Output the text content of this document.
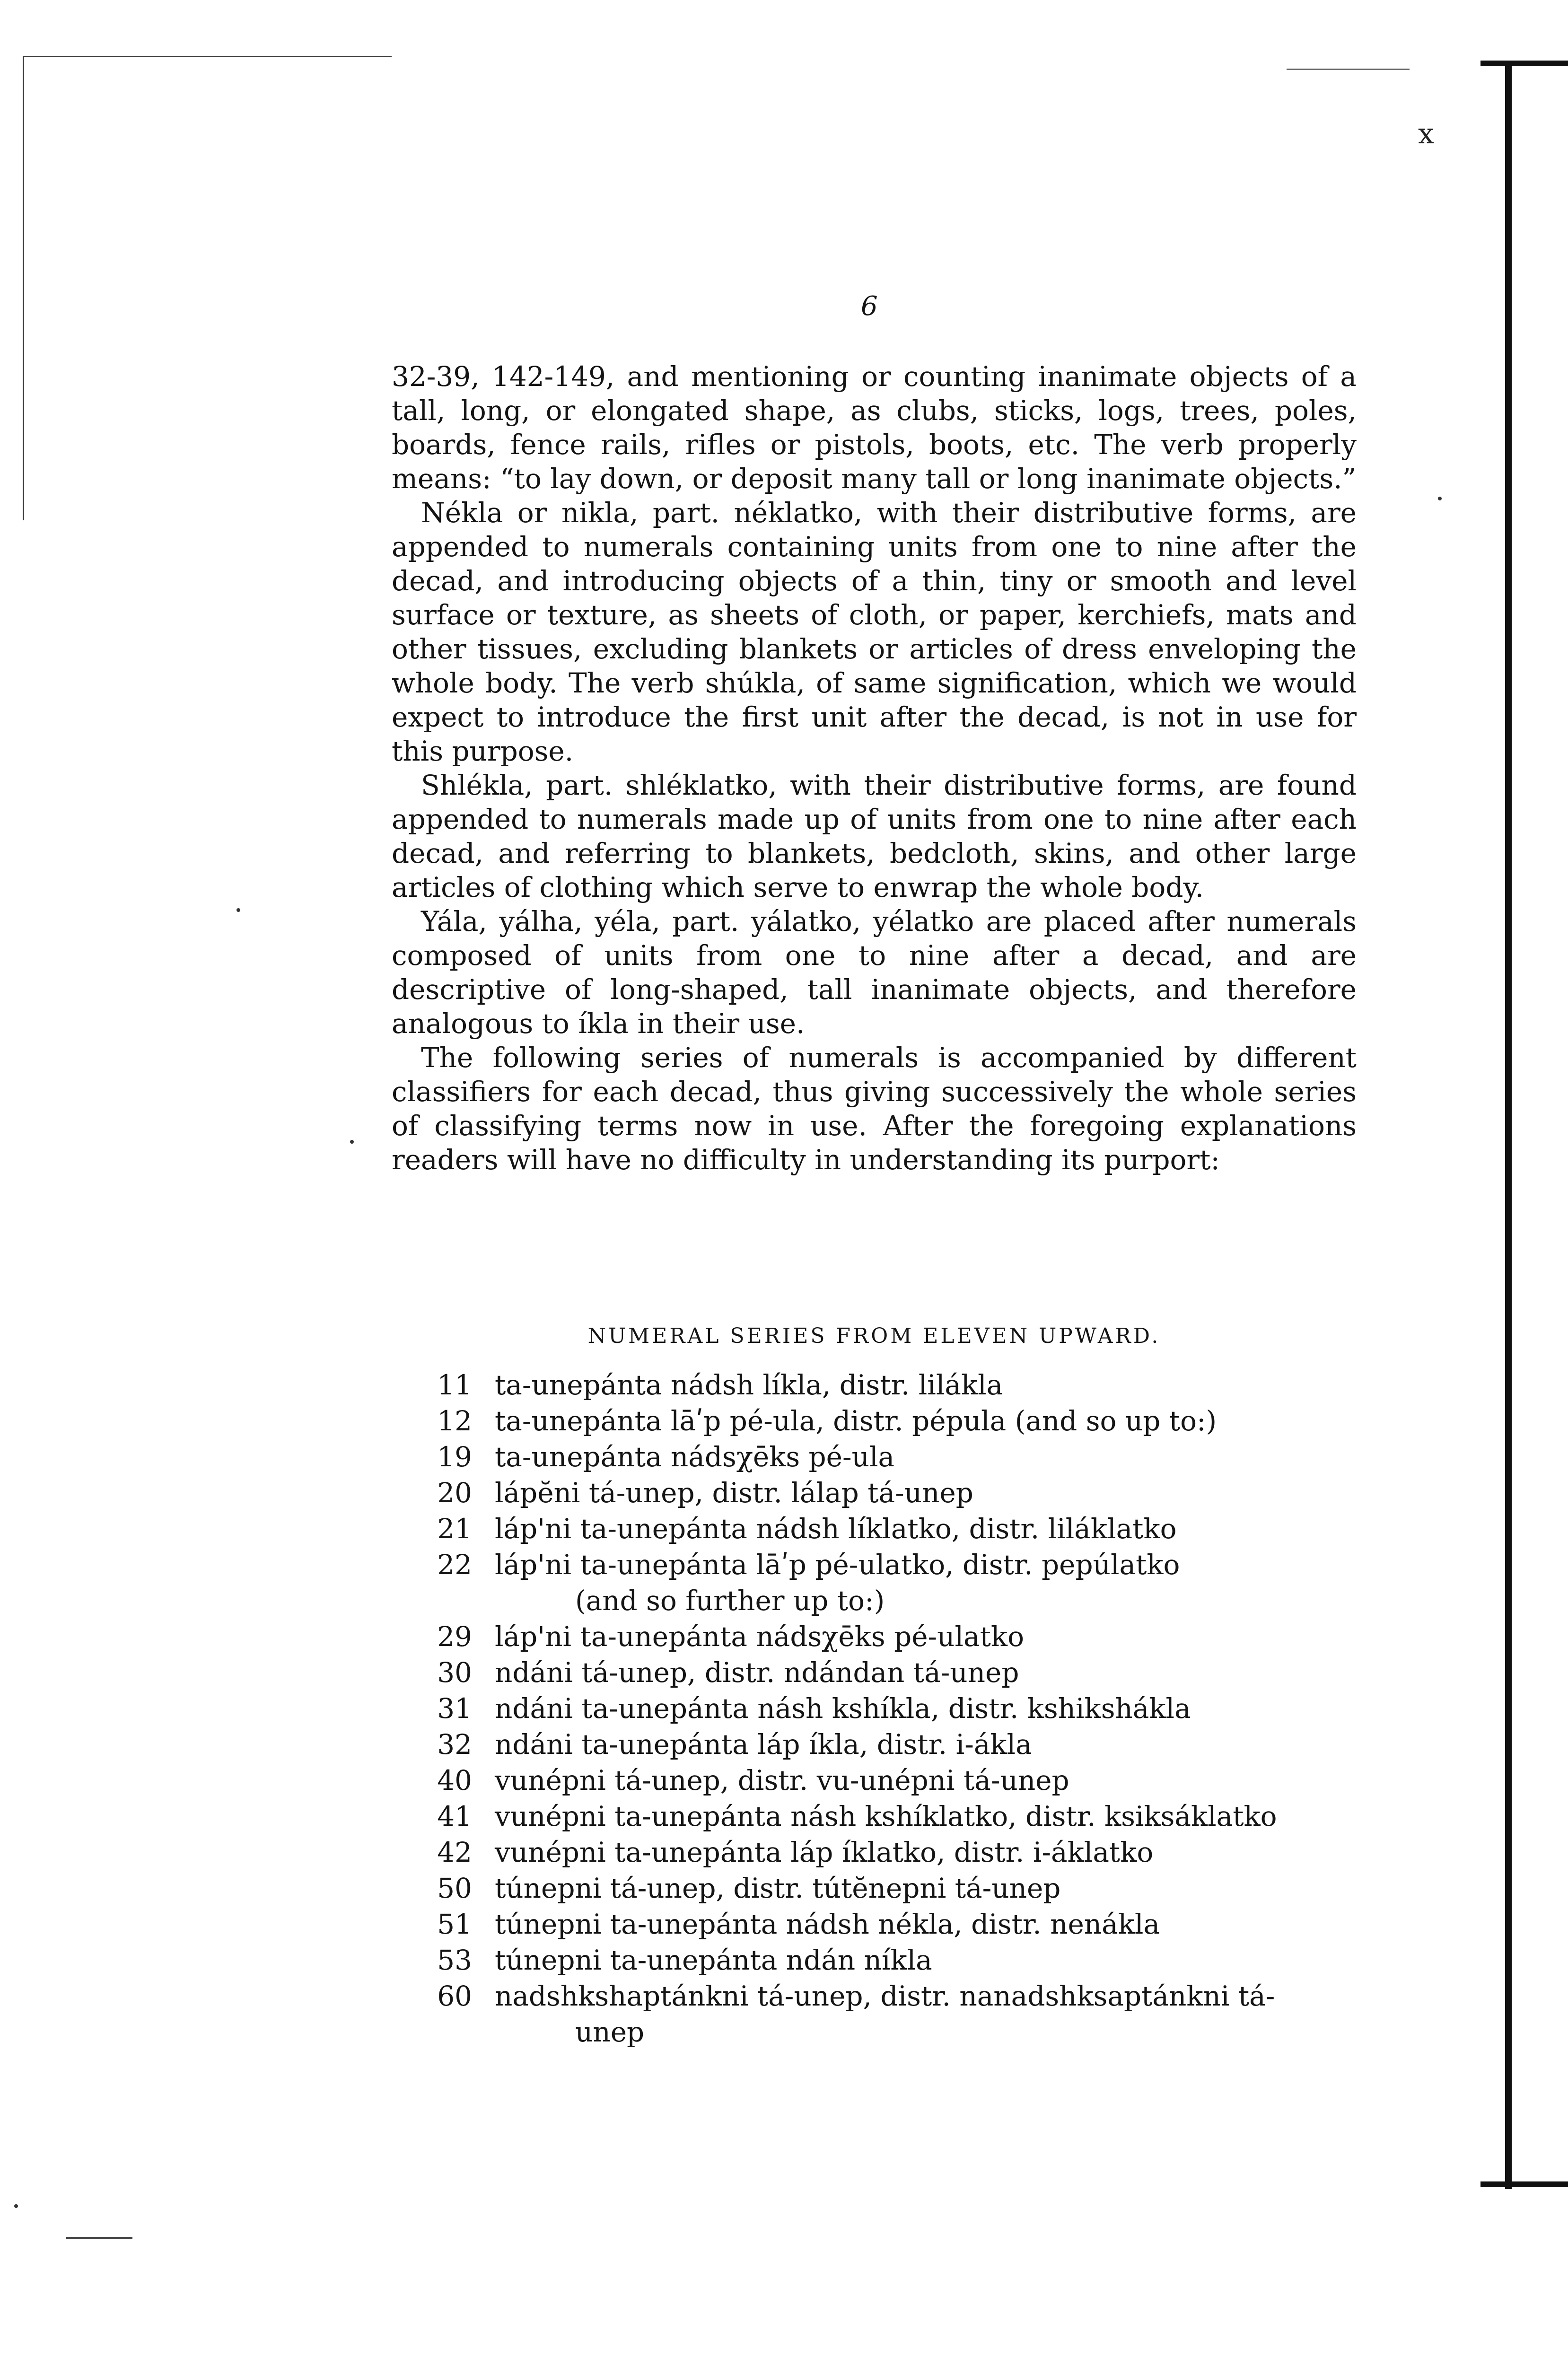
ⅹ
6

32-39, 142-149, and mentioning or counting inanimate objects of a tall, long, or elongated shape, as clubs, sticks, logs, trees, poles, boards, fence rails, rifles or pistols, boots, etc. The verb properly means: “to lay down, or deposit many tall or long inanimate objects.”

Nékla or nikla, part. néklatko, with their distributive forms, are appended to numerals containing units from one to nine after the decad, and introducing objects of a thin, tiny or smooth and level surface or texture, as sheets of cloth, or paper, kerchiefs, mats and other tissues, excluding blankets or articles of dress enveloping the whole body. The verb shúkla, of same signification, which we would expect to introduce the first unit after the decad, is not in use for this purpose.

Shlékla, part. shléklatko, with their distributive forms, are found appended to numerals made up of units from one to nine after each decad, and referring to blankets, bedcloth, skins, and other large articles of clothing which serve to enwrap the whole body.

Yála, yálha, yéla, part. yálatko, yélatko are placed after numerals composed of units from one to nine after a decad, and are descriptive of long-shaped, tall inanimate objects, and therefore analogous to íkla in their use.

The following series of numerals is accompanied by different classifiers for each decad, thus giving successively the whole series of classifying terms now in use. After the foregoing explanations readers will have no difficulty in understanding its purport:

NUMERAL SERIES FROM ELEVEN UPWARD.
11 ta-unepánta nádsh líkla, distr. lilákla
12 ta-unepánta lāʹp pé-ula, distr. pépula (and so up to:)
19 ta-unepánta nádsχēks pé-ula
20 lápĕni tá-unep, distr. lálap tá-unep
21 láp'ni ta-unepánta nádsh líklatko, distr. liláklatko
22 láp'ni ta-unepánta lāʹp pé-ulatko, distr. pepúlatko
(and so further up to:)
29 láp'ni ta-unepánta nádsχēks pé-ulatko
30 ndáni tá-unep, distr. ndándan tá-unep
31 ndáni ta-unepánta násh kshíkla, distr. kshikshákla
32 ndáni ta-unepánta láp íkla, distr. i-ákla
40 vunépni tá-unep, distr. vu-unépni tá-unep
41 vunépni ta-unepánta násh kshíklatko, distr. ksiksáklatko
42 vunépni ta-unepánta láp íklatko, distr. i-áklatko
50 túnepni tá-unep, distr. tútĕnepni tá-unep
51 túnepni ta-unepánta nádsh nékla, distr. nenákla
53 túnepni ta-unepánta ndán níkla
60 nadshkshaptánkni tá-unep, distr. nanadshksaptánkni tá-
unep
